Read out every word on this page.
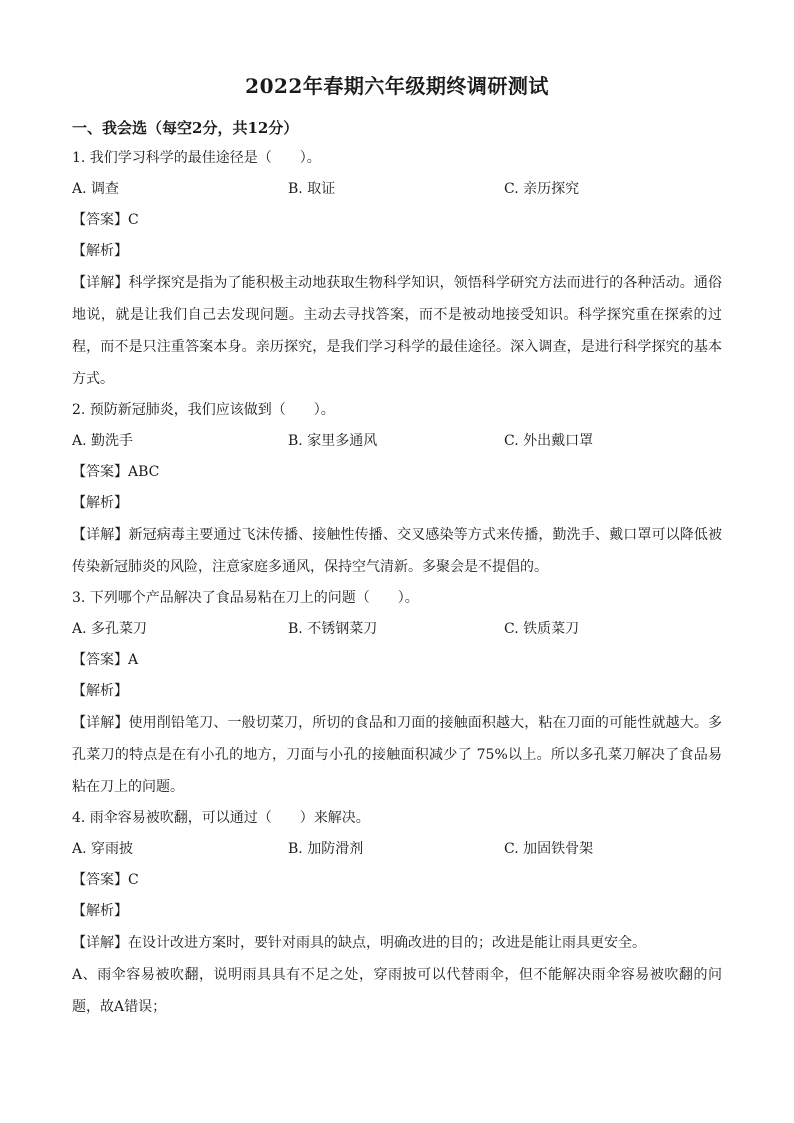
2022年春期六年级期终调研测试
一、我会选（每空2分，共12分）
1. 我们学习科学的最佳途径是（　　）。
A. 调查	B. 取证	C. 亲历探究
【答案】C
【解析】
【详解】科学探究是指为了能积极主动地获取生物科学知识，领悟科学研究方法而进行的各种活动。通俗地说，就是让我们自己去发现问题。主动去寻找答案，而不是被动地接受知识。科学探究重在探索的过程，而不是只注重答案本身。亲历探究，是我们学习科学的最佳途径。深入调查，是进行科学探究的基本方式。
2. 预防新冠肺炎，我们应该做到（　　）。
A. 勤洗手	B. 家里多通风	C. 外出戴口罩
【答案】ABC
【解析】
【详解】新冠病毒主要通过飞沫传播、接触性传播、交叉感染等方式来传播，勤洗手、戴口罩可以降低被传染新冠肺炎的风险，注意家庭多通风，保持空气清新。多聚会是不提倡的。
3. 下列哪个产品解决了食品易粘在刀上的问题（　　）。
A. 多孔菜刀	B. 不锈钢菜刀	C. 铁质菜刀
【答案】A
【解析】
【详解】使用削铅笔刀、一般切菜刀，所切的食品和刀面的接触面积越大，粘在刀面的可能性就越大。多孔菜刀的特点是在有小孔的地方，刀面与小孔的接触面积减少了 75%以上。所以多孔菜刀解决了食品易粘在刀上的问题。
4. 雨伞容易被吹翻，可以通过（　　）来解决。
A. 穿雨披	B. 加防滑剂	C. 加固铁骨架
【答案】C
【解析】
【详解】在设计改进方案时，要针对雨具的缺点，明确改进的目的；改进是能让雨具更安全。
A、雨伞容易被吹翻，说明雨具具有不足之处，穿雨披可以代替雨伞，但不能解决雨伞容易被吹翻的问题，故A错误；
